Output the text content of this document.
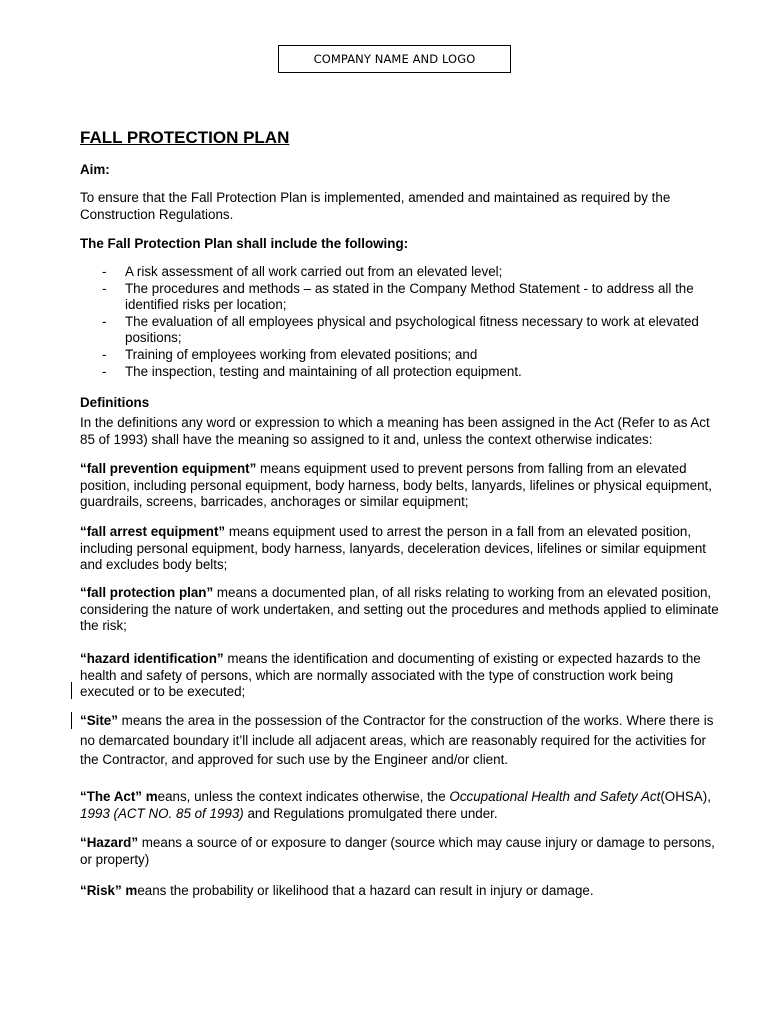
COMPANY NAME AND LOGO

FALL PROTECTION PLAN

Aim:

To ensure that the Fall Protection Plan is implemented, amended and maintained as required by the Construction Regulations.

The Fall Protection Plan shall include the following:

- A risk assessment of all work carried out from an elevated level;
- The procedures and methods – as stated in the Company Method Statement - to address all the identified risks per location;
- The evaluation of all employees physical and psychological fitness necessary to work at elevated positions;
- Training of employees working from elevated positions; and
- The inspection, testing and maintaining of all protection equipment.

Definitions

In the definitions any word or expression to which a meaning has been assigned in the Act (Refer to as Act 85 of 1993) shall have the meaning so assigned to it and, unless the context otherwise indicates:

“fall prevention equipment” means equipment used to prevent persons from falling from an elevated position, including personal equipment, body harness, body belts, lanyards, lifelines or physical equipment, guardrails, screens, barricades, anchorages or similar equipment;

“fall arrest equipment” means equipment used to arrest the person in a fall from an elevated position, including personal equipment, body harness, lanyards, deceleration devices, lifelines or similar equipment and excludes body belts;

“fall protection plan” means a documented plan, of all risks relating to working from an elevated position, considering the nature of work undertaken, and setting out the procedures and methods applied to eliminate the risk;

“hazard identification” means the identification and documenting of existing or expected hazards to the health and safety of persons, which are normally associated with the type of construction work being executed or to be executed;

“Site” means the area in the possession of the Contractor for the construction of the works. Where there is no demarcated boundary it’ll include all adjacent areas, which are reasonably required for the activities for the Contractor, and approved for such use by the Engineer and/or client.

“The Act” means, unless the context indicates otherwise, the Occupational Health and Safety Act(OHSA), 1993 (ACT NO. 85 of 1993) and Regulations promulgated there under.

“Hazard” means a source of or exposure to danger (source which may cause injury or damage to persons, or property)

“Risk” means the probability or likelihood that a hazard can result in injury or damage.
